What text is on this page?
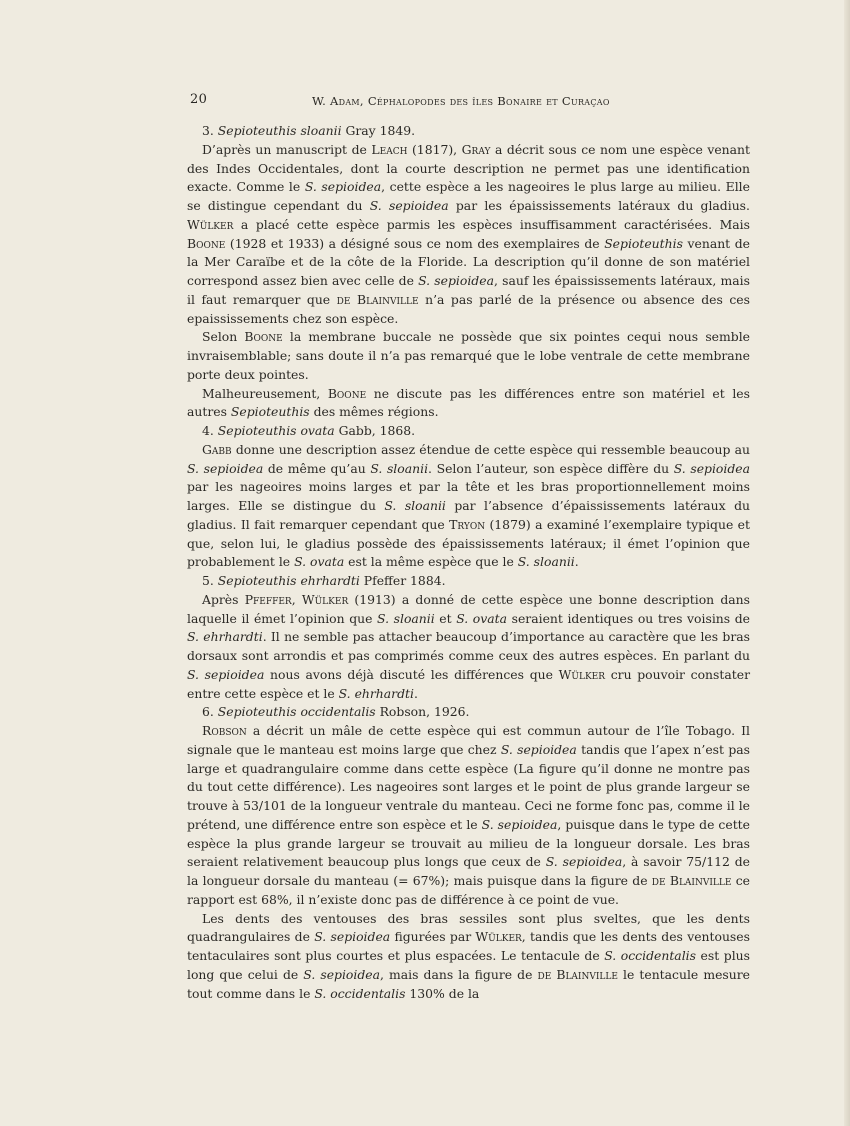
20	W. Adam, Céphalopodes des îles Bonaire et Curaçao

3. Sepioteuthis sloanii Gray 1849.

D’après un manuscript de Leach (1817), Gray a décrit sous ce nom une espèce venant des Indes Occidentales, dont la courte description ne permet pas une identification exacte. Comme le S. sepioidea, cette espèce a les nageoires le plus large au milieu. Elle se distingue cependant du S. sepioidea par les épaississements latéraux du gladius. Wülker a placé cette espèce parmis les espèces insuffisamment caractérisées. Mais Boone (1928 et 1933) a désigné sous ce nom des exemplaires de Sepioteuthis venant de la Mer Caraïbe et de la côte de la Floride. La description qu’il donne de son matériel correspond assez bien avec celle de S. sepioidea, sauf les épaississements latéraux, mais il faut remarquer que de Blainville n’a pas parlé de la présence ou absence des ces epaississements chez son espèce.

Selon Boone la membrane buccale ne possède que six pointes cequi nous semble invraisemblable; sans doute il n’a pas remarqué que le lobe ventrale de cette membrane porte deux pointes.

Malheureusement, Boone ne discute pas les différences entre son matériel et les autres Sepioteuthis des mêmes régions.

4. Sepioteuthis ovata Gabb, 1868.

Gabb donne une description assez étendue de cette espèce qui ressemble beaucoup au S. sepioidea de même qu’au S. sloanii. Selon l’auteur, son espèce diffère du S. sepioidea par les nageoires moins larges et par la tête et les bras proportionnellement moins larges. Elle se distingue du S. sloanii par l’absence d’épaississements latéraux du gladius. Il fait remarquer cependant que Tryon (1879) a examiné l’exemplaire typique et que, selon lui, le gladius possède des épaississements latéraux; il émet l’opinion que probablement le S. ovata est la même espèce que le S. sloanii.

5. Sepioteuthis ehrhardti Pfeffer 1884.

Après Pfeffer, Wülker (1913) a donné de cette espèce une bonne description dans laquelle il émet l’opinion que S. sloanii et S. ovata seraient identiques ou tres voisins de S. ehrhardti. Il ne semble pas attacher beaucoup d’importance au caractère que les bras dorsaux sont arrondis et pas comprimés comme ceux des autres espèces. En parlant du S. sepioidea nous avons déjà discuté les différences que Wülker cru pouvoir constater entre cette espèce et le S. ehrhardti.

6. Sepioteuthis occidentalis Robson, 1926.

Robson a décrit un mâle de cette espèce qui est commun autour de l’île Tobago. Il signale que le manteau est moins large que chez S. sepioidea tandis que l’apex n’est pas large et quadrangulaire comme dans cette espèce (La figure qu’il donne ne montre pas du tout cette différence). Les nageoires sont larges et le point de plus grande largeur se trouve à 53/101 de la longueur ventrale du manteau. Ceci ne forme fonc pas, comme il le prétend, une différence entre son espèce et le S. sepioidea, puisque dans le type de cette espèce la plus grande largeur se trouvait au milieu de la longueur dorsale. Les bras seraient relativement beaucoup plus longs que ceux de S. sepioidea, à savoir 75/112 de la longueur dorsale du manteau (= 67%); mais puisque dans la figure de de Blainville ce rapport est 68%, il n’existe donc pas de différence à ce point de vue.

Les dents des ventouses des bras sessiles sont plus sveltes, que les dents quadrangulaires de S. sepioidea figurées par Wülker, tandis que les dents des ventouses tentaculaires sont plus courtes et plus espacées. Le tentacule de S. occidentalis est plus long que celui de S. sepioidea, mais dans la figure de de Blainville le tentacule mesure tout comme dans le S. occidentalis 130% de la
